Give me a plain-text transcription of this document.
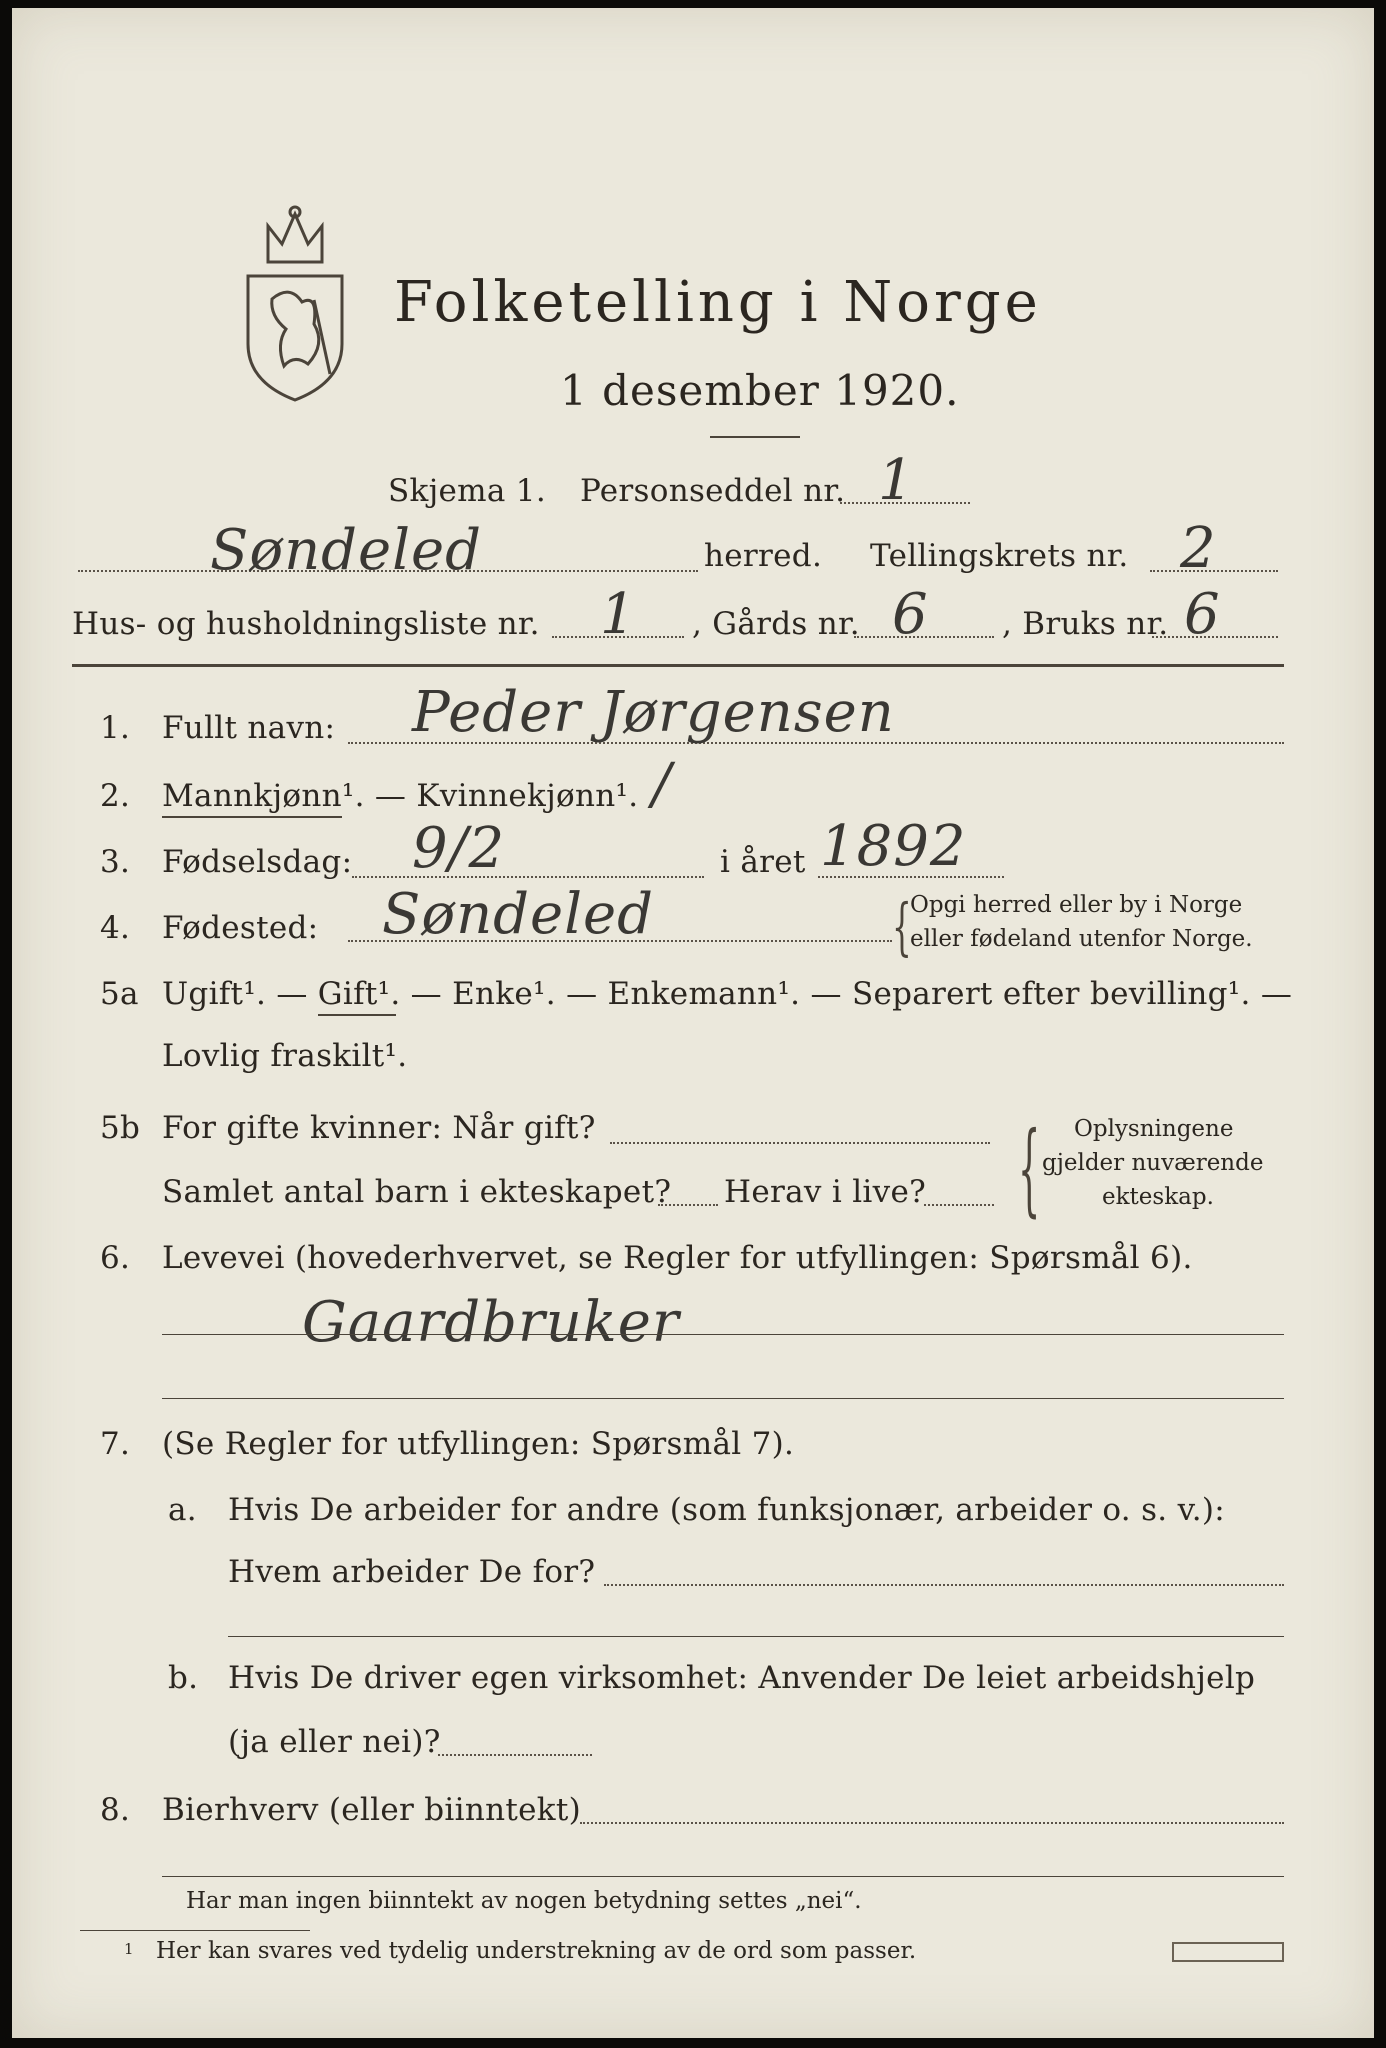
Folketelling i Norge
1 desember 1920.
Skjema 1. Personseddel nr. 1
Søndeled	herred. Tellingskrets nr. 2
Hus- og husholdningsliste nr. 1 , Gårds nr. 6 , Bruks nr. 6
1. Fullt navn: Peder Jørgensen
2. Mannkjønn¹. — Kvinnekjønn¹. /
3. Fødselsdag: 9/2	i året 1892
4. Fødested: Søndeled	{
Opgi herred eller by i Norge
eller fødeland utenfor Norge.
5a Ugift¹. — Gift¹. — Enke¹. — Enkemann¹. — Separert efter bevilling¹. —
Lovlig fraskilt¹.
5b For gifte kvinner: Når gift?
Samlet antal barn i ekteskapet? Herav i live? { Oplysningene
gjelder nuværende
ekteskap.
6. Levevei (hovederhvervet, se Regler for utfyllingen: Spørsmål 6).
Gaardbruker
7. (Se Regler for utfyllingen: Spørsmål 7).
a. Hvis De arbeider for andre (som funksjonær, arbeider o. s. v.):
Hvem arbeider De for?
b. Hvis De driver egen virksomhet: Anvender De leiet arbeidshjelp
(ja eller nei)?
8. Bierhverv (eller biinntekt)
Har man ingen biinntekt av nogen betydning settes „nei“.
1 Her kan svares ved tydelig understrekning av de ord som passer.
